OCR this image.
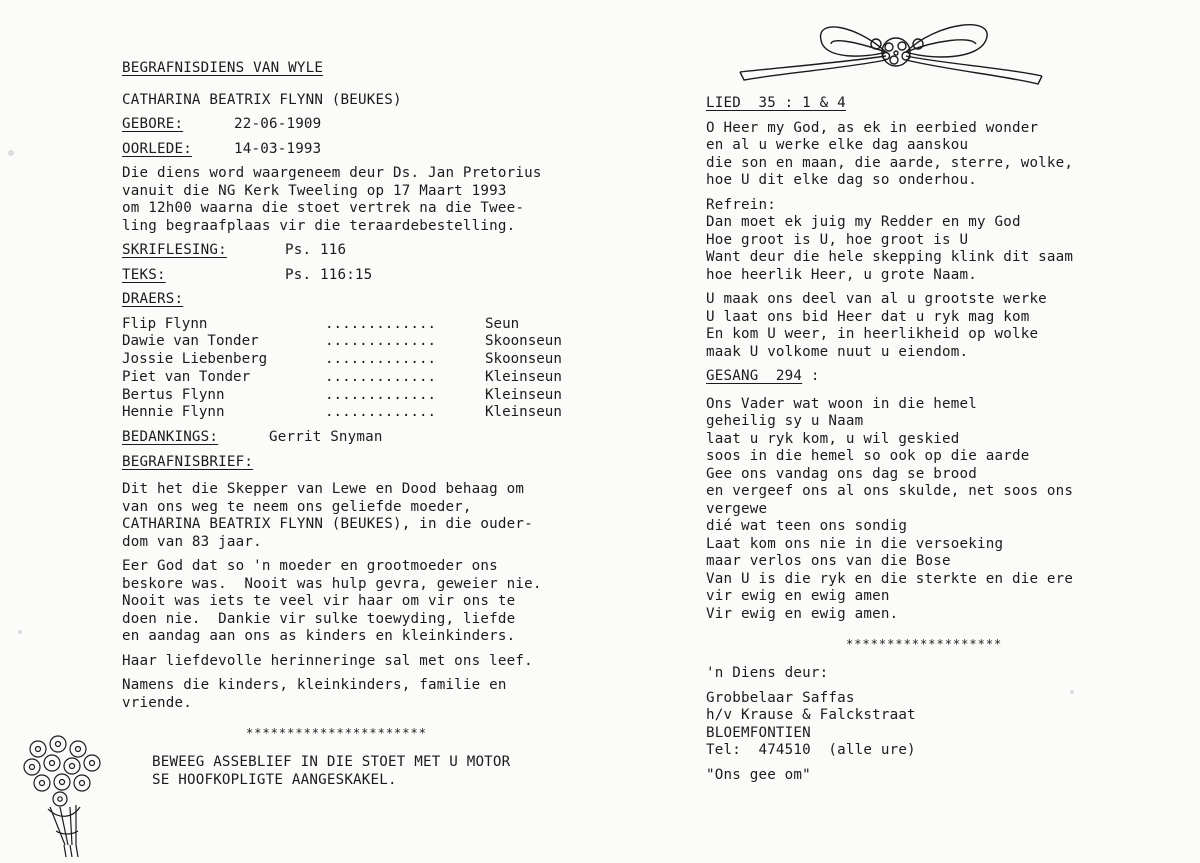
BEGRAFNISDIENS VAN WYLE
CATHARINA BEATRIX FLYNN (BEUKES)
GEBORE:	22-06-1909
OORLEDE:	14-03-1993
Die diens word waargeneem deur Ds. Jan Pretorius
vanuit die NG Kerk Tweeling op 17 Maart 1993
om 12h00 waarna die stoet vertrek na die Twee-
ling begraafplaas vir die teraardebestelling.
SKRIFLESING:	Ps. 116
TEKS:	Ps. 116:15
DRAERS:
Flip Flynn	.............	Seun
Dawie van Tonder	.............	Skoonseun
Jossie Liebenberg	.............	Skoonseun
Piet van Tonder	.............	Kleinseun
Bertus Flynn	.............	Kleinseun
Hennie Flynn	.............	Kleinseun
BEDANKINGS:	Gerrit Snyman
BEGRAFNISBRIEF:
Dit het die Skepper van Lewe en Dood behaag om
van ons weg te neem ons geliefde moeder,
CATHARINA BEATRIX FLYNN (BEUKES), in die ouder-
dom van 83 jaar.
Eer God dat so 'n moeder en grootmoeder ons
beskore was.  Nooit was hulp gevra, geweier nie.
Nooit was iets te veel vir haar om vir ons te
doen nie.  Dankie vir sulke toewyding, liefde
en aandag aan ons as kinders en kleinkinders.
Haar liefdevolle herinneringe sal met ons leef.
Namens die kinders, kleinkinders, familie en
vriende.
**********************
BEWEEG ASSEBLIEF IN DIE STOET MET U MOTOR
SE HOOFKOPLIGTE AANGESKAKEL.
LIED  35 : 1 & 4
O Heer my God, as ek in eerbied wonder
en al u werke elke dag aanskou
die son en maan, die aarde, sterre, wolke,
hoe U dit elke dag so onderhou.
Refrein:
Dan moet ek juig my Redder en my God
Hoe groot is U, hoe groot is U
Want deur die hele skepping klink dit saam
hoe heerlik Heer, u grote Naam.
U maak ons deel van al u grootste werke
U laat ons bid Heer dat u ryk mag kom
En kom U weer, in heerlikheid op wolke
maak U volkome nuut u eiendom.
GESANG  294 :
Ons Vader wat woon in die hemel
geheilig sy u Naam
laat u ryk kom, u wil geskied
soos in die hemel so ook op die aarde
Gee ons vandag ons dag se brood
en vergeef ons al ons skulde, net soos ons
vergewe
dié wat teen ons sondig
Laat kom ons nie in die versoeking
maar verlos ons van die Bose
Van U is die ryk en die sterkte en die ere
vir ewig en ewig amen
Vir ewig en ewig amen.
*******************
'n Diens deur:
Grobbelaar Saffas
h/v Krause & Falckstraat
BLOEMFONTIEN
Tel:  474510  (alle ure)
"Ons gee om"
